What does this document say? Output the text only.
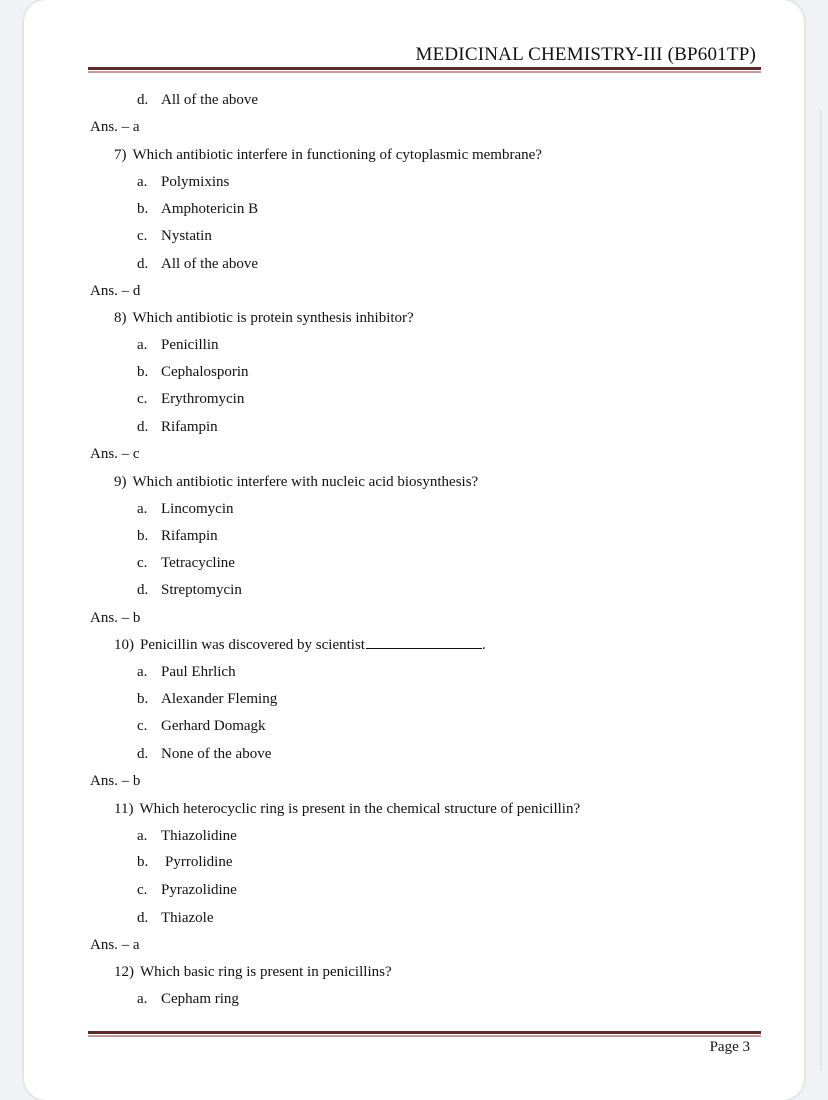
MEDICINAL CHEMISTRY-III (BP601TP)
d. All of the above
Ans. – a
7) Which antibiotic interfere in functioning of cytoplasmic membrane?
a. Polymixins
b. Amphotericin B
c. Nystatin
d. All of the above
Ans. – d
8) Which antibiotic is protein synthesis inhibitor?
a. Penicillin
b. Cephalosporin
c. Erythromycin
d. Rifampin
Ans. – c
9) Which antibiotic interfere with nucleic acid biosynthesis?
a. Lincomycin
b. Rifampin
c. Tetracycline
d. Streptomycin
Ans. – b
10) Penicillin was discovered by scientist	.
a. Paul Ehrlich
b. Alexander Fleming
c. Gerhard Domagk
d. None of the above
Ans. – b
11) Which heterocyclic ring is present in the chemical structure of penicillin?
a. Thiazolidine
b. Pyrrolidine
c. Pyrazolidine
d. Thiazole
Ans. – a
12) Which basic ring is present in penicillins?
a. Cepham ring
Page 3
